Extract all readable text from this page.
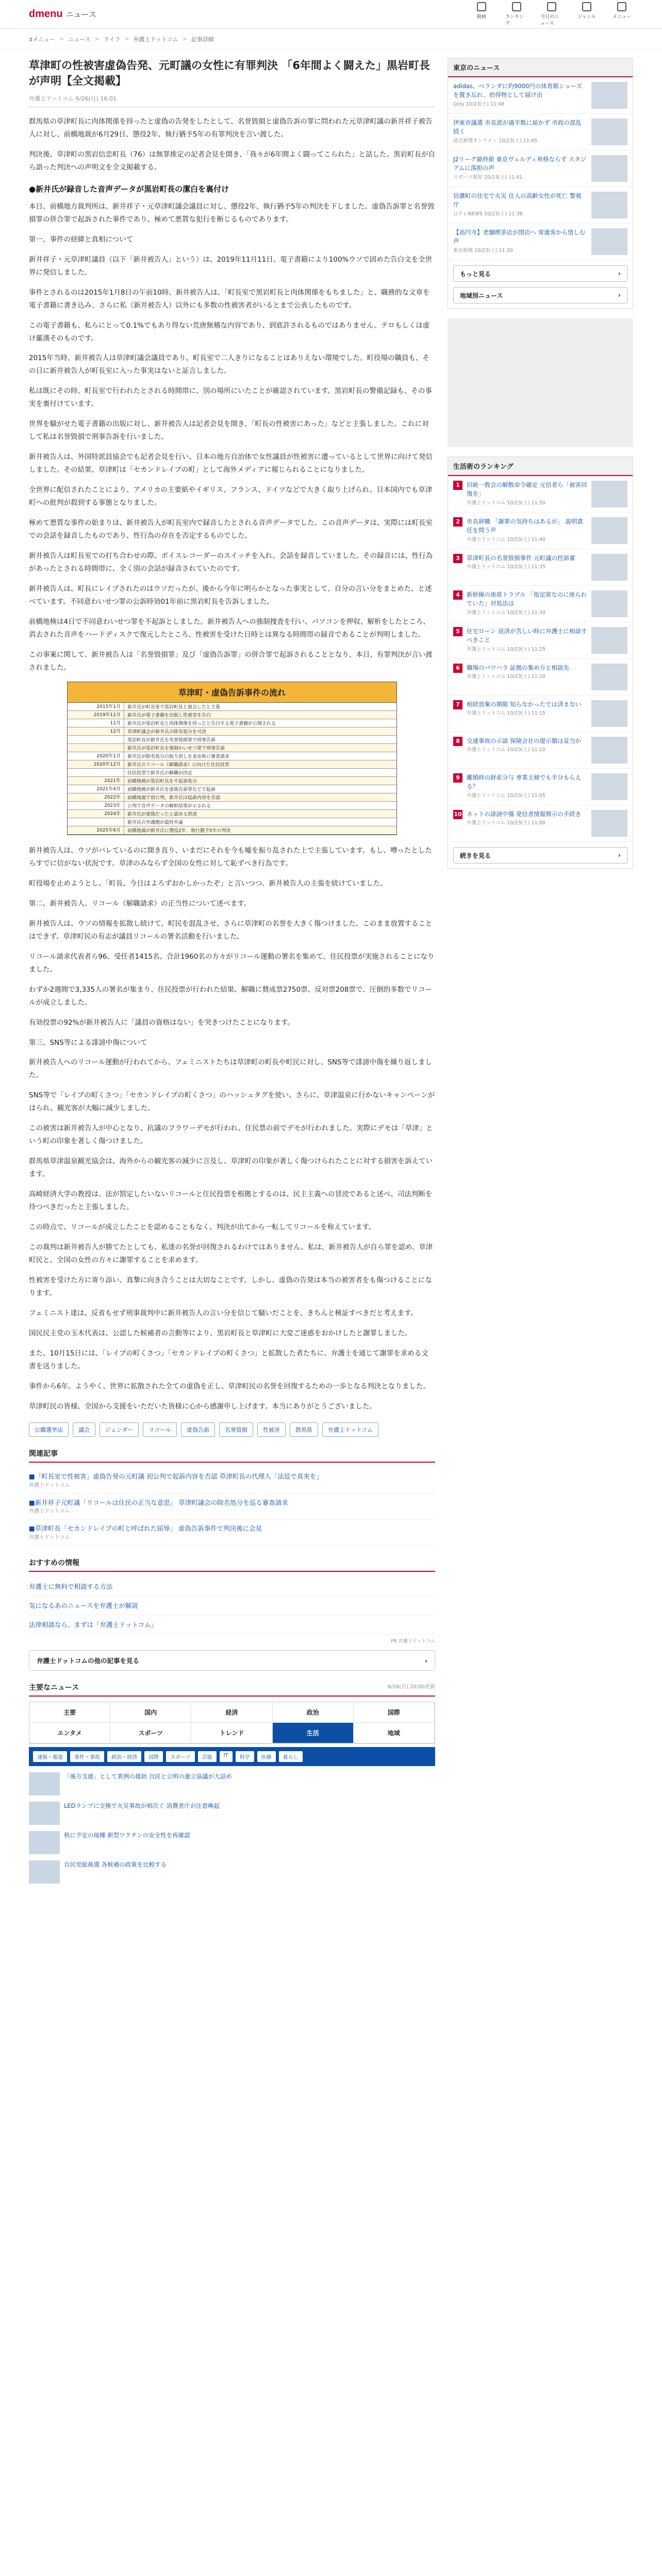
dmenu ニュース	動画	ランキング
今日のニュース
ジャンル	メニュー
dメニュー > ニュース > ライフ > 弁護士ドットコム > 記事詳細
草津町の性被害虚偽告発、元町議の女性に有罪判決 「6年間よく闘えた」黒岩町長が声明【全文掲載】
弁護士ドットコム 6/26(月) 16:01

群馬県の草津町長に肉体関係を持ったと虚偽の告発をしたとして、名誉毀損と虚偽告訴の罪に問われた元草津町議の新井祥子被告人に対し、前橋地裁が6月29日、懲役2年、執行猶予5年の有罪判決を言い渡した。

判決後、草津町の黒岩信忠町長（76）は無罪推定の記者会見を開き、「我々が6年間よく闘ってこられた」と話した。黒岩町長が自ら語った判決への声明文を全文掲載する。

●新井氏が録音した音声データが黒岩町長の潔白を裏付け

本日、前橋地方裁判所は、新井祥子・元草津町議会議員に対し、懲役2年、執行猶予5年の判決を下しました。虚偽告訴罪と名誉毀損罪の併合罪で起訴された事件であり、極めて悪質な犯行を断じるものであります。

第一、事件の経緯と真相について

新井祥子・元草津町議員（以下「新井被告人」という）は、2019年11月11日、電子書籍により100%ウソで固めた告白文を全世界に発信しました。

事件とされるのは2015年1月8日の午前10時、新井被告人は、「町長室で黒岩町長と肉体関係をもちました」と、職務的な文章を電子書籍に書き込み、さらに私（新井被告人）以外にも多数の性被害者がいるとまで公表したものです。

この電子書籍も、私らにとって0.1%でもあり得ない荒唐無稽な内容であり、到底許されるものではありません。テロもしくは虚け羅漢そのものです。

2015年当時、新井被告人は草津町議会議員であり、町長室で二人きりになることはありえない環境でした。町役場の職員も、その日に新井被告人が町長室に入った事実はないと証言しました。

私は既にその時、町長室で行われたとされる時間帯に、別の場所にいたことが確認されています。黒岩町長の警備記録も、その事実を裏付けています。

世界を騒がせた電子書籍の出版に対し、新井被告人は記者会見を開き、「町長の性被害にあった」などと主張しました。これに対して私は名誉毀損で刑事告訴を行いました。

新井被告人は、外国特派員協会でも記者会見を行い、日本の地方自治体で女性議員が性被害に遭っているとして世界に向けて発信しました。その結果、草津町は「セカンドレイプの町」として海外メディアに報じられることになりました。

全世界に配信されたことにより、アメリカの主要紙やイギリス、フランス、ドイツなどで大きく取り上げられ、日本国内でも草津町への批判が殺到する事態となりました。

極めて悪質な事件の始まりは、新井被告人が町長室内で録音したとされる音声データでした。この音声データは、実際には町長室での会話を録音したものであり、性行為の存在を否定するものでした。

新井被告人は町長室での打ち合わせの際、ボイスレコーダーのスイッチを入れ、会話を録音していました。その録音には、性行為があったとされる時間帯に、全く別の会話が録音されていたのです。

新井被告人は、町長にレイプされたのはウソだったが、後から今年に明らかとなった事実として、自分の言い分をまとめた、と述べています。不同意わいせつ罪の公訴時効01年前に黒岩町長を告訴しました。

前橋地検は4日で不同意わいせつ罪を不起訴としました。新井被告人への強制捜査を行い、パソコンを押収、解析をしたところ、消去された音声をハードディスクで復元したところ、性被害を受けた日時とは異なる時間帯の録音であることが判明しました。

この事案に関して、新井被告人は「名誉毀損罪」及び「虚偽告訴罪」の併合罪で起訴されることとなり、本日、有罪判決が言い渡されました。

草津町・虚偽告訴事件の流れ
2015年1月	新井氏が町長室で黒岩町長と面会したと主張
2019年11月	新井氏が電子書籍を出版し性被害を告白
11月	新井氏が黒岩町長と肉体関係を持ったと告白する電子書籍が公開される
12月	草津町議会が新井氏の除名処分を可決
黒岩町長が新井氏を名誉毀損罪で刑事告訴
新井氏が黒岩町長を強制わいせつ罪で刑事告訴
2020年1月	新井氏が除名処分の取り消しを求め県に審査請求
2020年12月	新井氏のリコール（解職請求）に向けた住民投票
住民投票で新井氏の解職が決定
2021年	前橋地検が黒岩町長を不起訴処分
2021年4月	前橋地検が新井氏を虚偽告訴罪などで起訴
2022年	前橋地裁で初公判、新井氏は起訴内容を否認
2023年	公判で音声データの解析結果が示される
2024年	新井氏が虚偽だったと認める供述
新井氏の弁護側が最終弁論
2025年6月	前橋地裁が新井氏に懲役2年、執行猶予5年の判決

新井被告人は、ウソがバレているのに開き直り、いまだにそれを今も嘘を振り乱された上で主張しています。もし、噂ったとしたらすでに信がない状況です。草津のみならず全国の女性に対して恥ずべき行為です。

町役場を止めようとし、「町長、今日はよろずおかしかったぞ」と言いつつ、新井被告人の主張を続けていました。

第二、新井被告人、リコール（解職請求）の正当性について述べます。

新井被告人は、ウソの情報を拡散し続けて、町民を混乱させ、さらに草津町の名誉を大きく傷つけました。このまま放置することはできず、草津町民の有志が議員リコールの署名活動を行いました。

リコール請求代表者ら96、受任者1415名、合計1960名の方々がリコール運動の署名を集めて、住民投票が実施されることになりました。

わずか2週間で3,335人の署名が集まり、住民投票が行われた結果、解職に賛成票2750票、反対票208票で、圧倒的多数でリコールが成立しました。

有効投票の92%が新井被告人に「議員の資格はない」を突きつけたことになります。

第三、SNS等による誹謗中傷について

新井被告人へのリコール運動が行われてから、フェミニストたちは草津町の町長や町民に対し、SNS等で誹謗中傷を繰り返しました。

SNS等で「レイプの町くさつ」「セカンドレイプの町くさつ」のハッシュタグを使い、さらに、草津温泉に行かないキャンペーンがはられ、観光客が大幅に減少しました。

この被害は新井被告人が中心となり、抗議のフラワーデモが行われ、住民票の前でデモが行われました。実際にデモは「草津」という町の印象を著しく傷つけました。

群馬県草津温泉観光協会は、海外からの観光客の減少に言及し、草津町の印象が著しく傷つけられたことに対する損害を訴えています。

高崎経済大学の教授は、法が罰定したいないリコールと住民投票を根拠とするのは、民主主義への冒涜であると述べ、司法判断を待つべきだったと主張しました。

この時点で、リコールが成立したことを認めることもなく、判決が出てから一転してリコールを称えています。

この裁判は新井被告人が勝てたとしても、私達の名誉が回復されるわけではありません。私は、新井被告人が自ら罪を認め、草津町民と、全国の女性の方々に謝罪することを求めます。

性被害を受けた方に寄り添い、真摯に向き合うことは大切なことです。しかし、虚偽の告発は本当の被害者をも傷つけることになります。

フェミニスト達は、反省もせず刑事裁判中に新井被告人の言い分を信じて騒いだことを、きちんと検証すべきだと考えます。

国民民主党の玉木代表は、公認した候補者の言動等により、黒岩町長と草津町に大変ご迷惑をおかけしたと謝罪しました。

また、10月15日には、「レイプの町くさつ」「セカンドレイプの町くさつ」と拡散した者たちに、弁護士を通じて謝罪を求める文書を送りました。

事件から6年。ようやく、世界に拡散された全ての虚偽を正し、草津町民の名誉を回復するための一歩となる判決となりました。

草津町民の皆様、全国から支援をいただいた皆様に心から感謝申し上げます。本当にありがとうございました。

公職選挙法	議会	ジェンダー	リコール	虚偽告訴	名誉毀損	性被害	群馬県	弁護士ドットコム
関連記事
■「町長室で性被害」虚偽告発の元町議 初公判で起訴内容を否認 草津町長の代理人「法廷で真実を」
弁護士ドットコム
■新井祥子元町議「リコールは住民の正当な意思」 草津町議会の除名処分を巡る審査請求
弁護士ドットコム
■草津町長「セカンドレイプの町と呼ばれた屈辱」 虚偽告訴事件で判決後に会見
弁護士ドットコム
おすすめの情報
弁護士に無料で相談する方法
気になるあのニュースを弁護士が解説
法律相談なら、まずは「弁護士ドットコム」
PR 弁護士ドットコム
弁護士ドットコムの他の記事を見る	›
主要なニュース	6/26(月) 20:00更新
主要	国内	経済	政治	国際
エンタメ	スポーツ	トレンド	生活	地域
速報・報道	事件・事故	政治・経済	国際	スポーツ	芸能	IT	科学	医療	暮らし
「後方支援」として異例の援助 自民と公明の連立協議が大詰め
LEDランプに交換で火災事故が相次ぐ 消費者庁が注意喚起
秋に予定の接種 新型ワクチンの安全性を再確認
自民党総裁選 各候補の政策を比較する
東京のニュース
adidas、ベランダに約9000円の体育館シューズを置き忘れ、拾得物として届け出
Qoly 10/23(土) 11:48
伊東市議選 市長派が過半数に届かず 市政の混乱続く
読売新聞オンライン 10/23(土) 11:45
J2リーグ最終節 東京ヴェルディ昇格ならず スタジアムに落胆の声
スポーツ報知 10/23(土) 11:41
信濃町の住宅で火災 住人の高齢女性が死亡 警視庁
日テレNEWS 10/23(土) 11:38
【高円寺】老舗喫茶店が閉店へ 常連客から惜しむ声
東京新聞 10/23(土) 11:30
もっと見る	›
地域別ニュース	›
生活術のランキング
1	旧統一教会の解散命令確定 元信者ら「被害回復を」
弁護士ドットコム 10/23(土) 11:50
2	市長辞職 「謝罪の気持ちはあるが」 説明責任を問う声
弁護士ドットコム 10/23(土) 11:40
3	草津町長の名誉毀損事件 元町議の控訴審
弁護士ドットコム 10/23(土) 11:35
4	新幹線の座席トラブル 「指定席なのに座られていた」対処法は
弁護士ドットコム 10/23(土) 11:30
5	住宅ローン 返済が苦しい時に弁護士に相談すべきこと
弁護士ドットコム 10/23(土) 11:25
6	職場のパワハラ 証拠の集め方と相談先
弁護士ドットコム 10/23(土) 11:20
7	相続放棄の期限 知らなかったでは済まない
弁護士ドットコム 10/23(土) 11:15
8	交通事故の示談 保険会社の提示額は妥当か
弁護士ドットコム 10/23(土) 11:10
9	離婚時の財産分与 専業主婦でも半分もらえる？
弁護士ドットコム 10/23(土) 11:05
10 ネットの誹謗中傷 発信者情報開示の手続き
弁護士ドットコム 10/23(土) 11:00
続きを見る	›
